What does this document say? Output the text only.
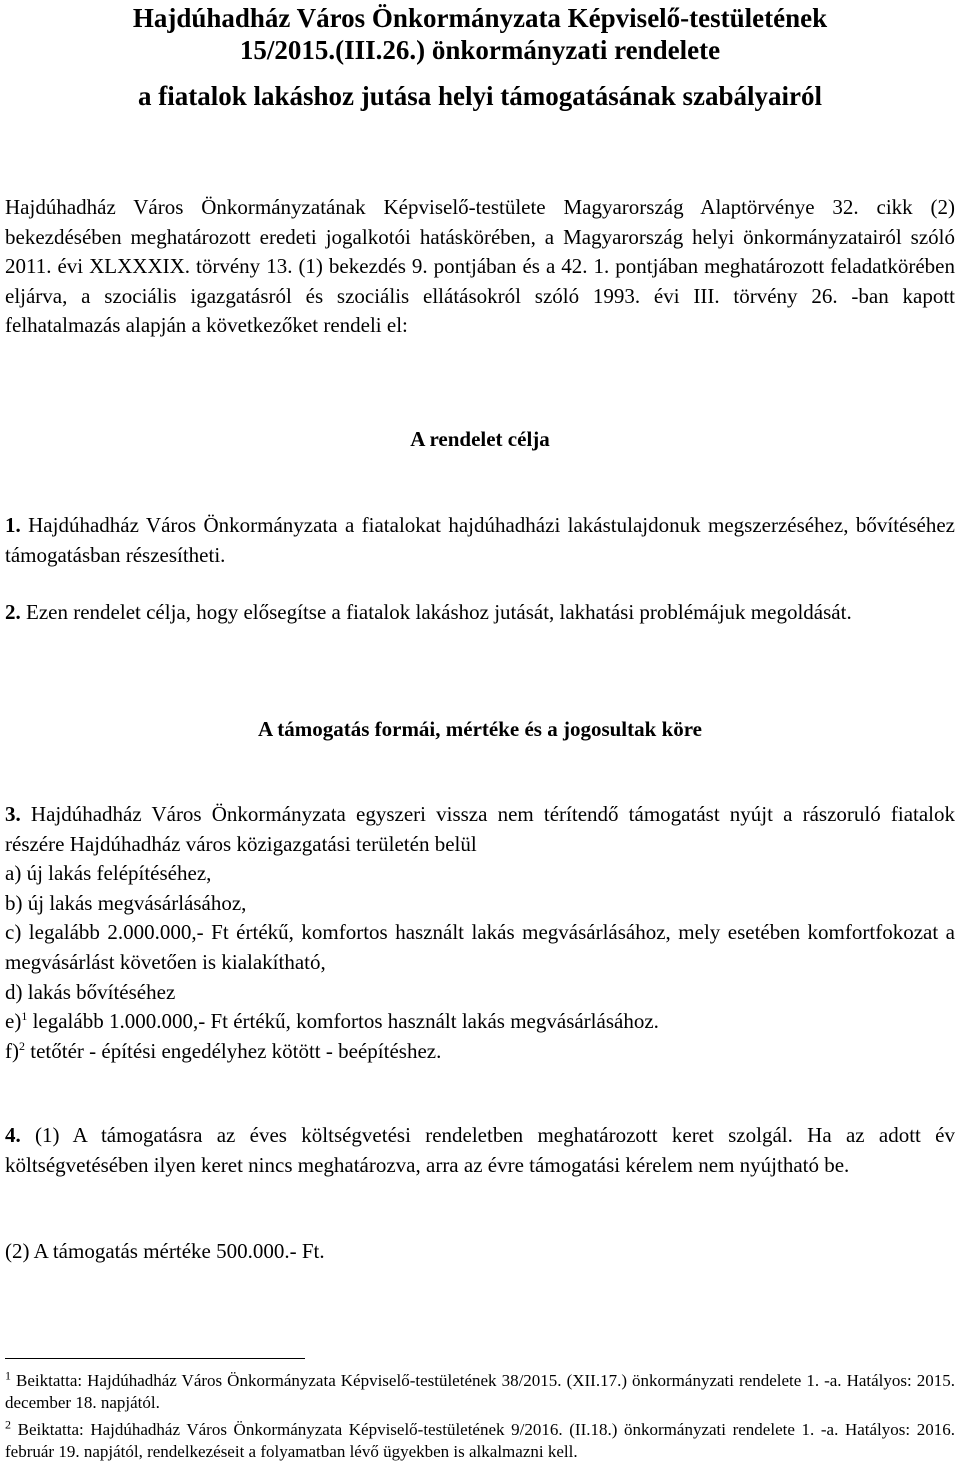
Hajdúhadház Város Önkormányzata Képviselő-testületének
15/2015.(III.26.) önkormányzati rendelete
a fiatalok lakáshoz jutása helyi támogatásának szabályairól
Hajdúhadház Város Önkormányzatának Képviselő-testülete Magyarország Alaptörvénye 32. cikk (2) bekezdésében meghatározott eredeti jogalkotói hatáskörében, a Magyarország helyi önkormányzatairól szóló 2011. évi XLXXXIX. törvény 13. (1) bekezdés 9. pontjában és a 42. 1. pontjában meghatározott feladatkörében eljárva, a szociális igazgatásról és szociális ellátásokról szóló 1993. évi III. törvény 26. -ban kapott felhatalmazás alapján a következőket rendeli el:
A rendelet célja
1. Hajdúhadház Város Önkormányzata a fiatalokat hajdúhadházi lakástulajdonuk megszerzéséhez, bővítéséhez támogatásban részesítheti.
2. Ezen rendelet célja, hogy elősegítse a fiatalok lakáshoz jutását, lakhatási problémájuk megoldását.
A támogatás formái, mértéke és a jogosultak köre
3. Hajdúhadház Város Önkormányzata egyszeri vissza nem térítendő támogatást nyújt a rászoruló fiatalok részére Hajdúhadház város közigazgatási területén belül
a) új lakás felépítéséhez,
b) új lakás megvásárlásához,
c) legalább 2.000.000,- Ft értékű, komfortos használt lakás megvásárlásához, mely esetében komfortfokozat a megvásárlást követően is kialakítható,
d) lakás bővítéséhez
e)$^1$ legalább 1.000.000,- Ft értékű, komfortos használt lakás megvásárlásához.
f)$^2$ tetőtér - építési engedélyhez kötött - beépítéshez.
4. (1) A támogatásra az éves költségvetési rendeletben meghatározott keret szolgál. Ha az adott év költségvetésében ilyen keret nincs meghatározva, arra az évre támogatási kérelem nem nyújtható be.
(2) A támogatás mértéke 500.000.- Ft.
$^1$ Beiktatta: Hajdúhadház Város Önkormányzata Képviselő-testületének 38/2015. (XII.17.) önkormányzati rendelete 1. -a. Hatályos: 2015. december 18. napjától.
$^2$ Beiktatta: Hajdúhadház Város Önkormányzata Képviselő-testületének 9/2016. (II.18.) önkormányzati rendelete 1. -a. Hatályos: 2016. február 19. napjától, rendelkezéseit a folyamatban lévő ügyekben is alkalmazni kell.
